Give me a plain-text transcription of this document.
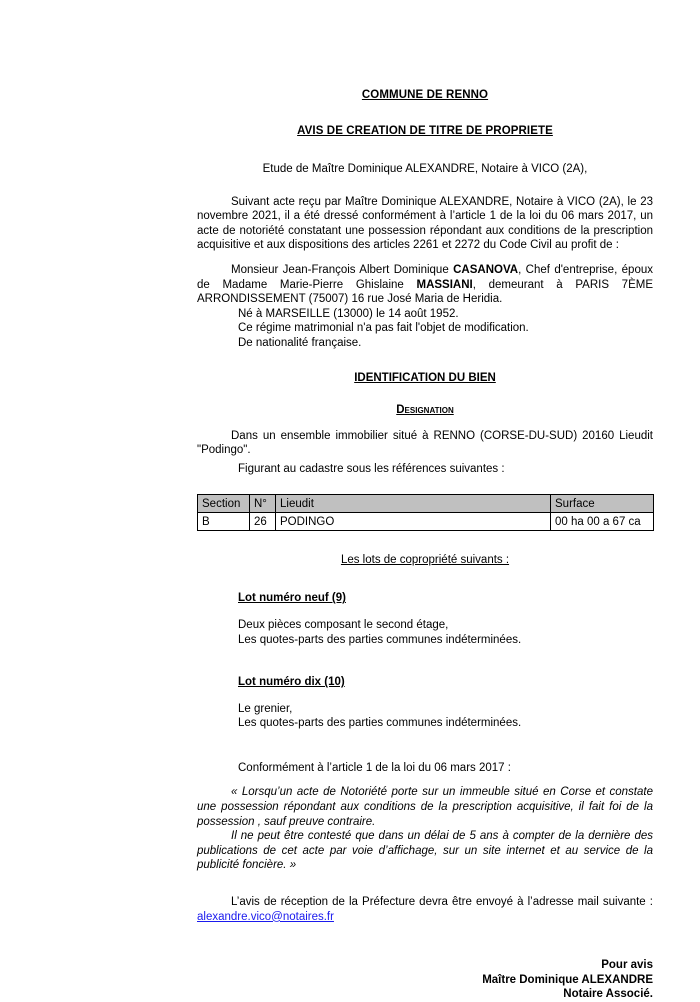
COMMUNE DE RENNO
AVIS DE CREATION DE TITRE DE PROPRIETE

Etude de Maître Dominique ALEXANDRE, Notaire à VICO (2A),

Suivant acte reçu par Maître Dominique ALEXANDRE, Notaire à VICO (2A), le 23 novembre 2021, il a été dressé conformément à l’article 1 de la loi du 06 mars 2017, un acte de notoriété constatant une possession répondant aux conditions de la prescription acquisitive et aux dispositions des articles 2261 et 2272 du Code Civil au profit de :

Monsieur Jean-François Albert Dominique CASANOVA, Chef d'entreprise, époux de Madame Marie-Pierre Ghislaine MASSIANI, demeurant à PARIS 7ÈME ARRONDISSEMENT (75007) 16 rue José Maria de Heridia.

Né à MARSEILLE (13000) le 14 août 1952.
Ce régime matrimonial n'a pas fait l'objet de modification.
De nationalité française.
IDENTIFICATION DU BIEN
Designation

Dans un ensemble immobilier situé à RENNO (CORSE-DU-SUD) 20160 Lieudit "Podingo".

Figurant au cadastre sous les références suivantes :

Section	N°	Lieudit	Surface
B	26	PODINGO	00 ha 00 a 67 ca
Les lots de copropriété suivants :

Lot numéro neuf (9)

Deux pièces composant le second étage,

Les quotes-parts des parties communes indéterminées.

Lot numéro dix (10)

Le grenier,

Les quotes-parts des parties communes indéterminées.

Conformément à l’article 1 de la loi du 06 mars 2017 :

« Lorsqu’un acte de Notoriété porte sur un immeuble situé en Corse et constate une possession répondant aux conditions de la prescription acquisitive, il fait foi de la possession , sauf preuve contraire.

Il ne peut être contesté que dans un délai de 5 ans à compter de la dernière des publications de cet acte par voie d’affichage, sur un site internet et au service de la publicité foncière. »

L’avis de réception de la Préfecture devra être envoyé à l’adresse mail suivante : alexandre.vico@notaires.fr

Pour avis

Maître Dominique ALEXANDRE

Notaire Associé.
